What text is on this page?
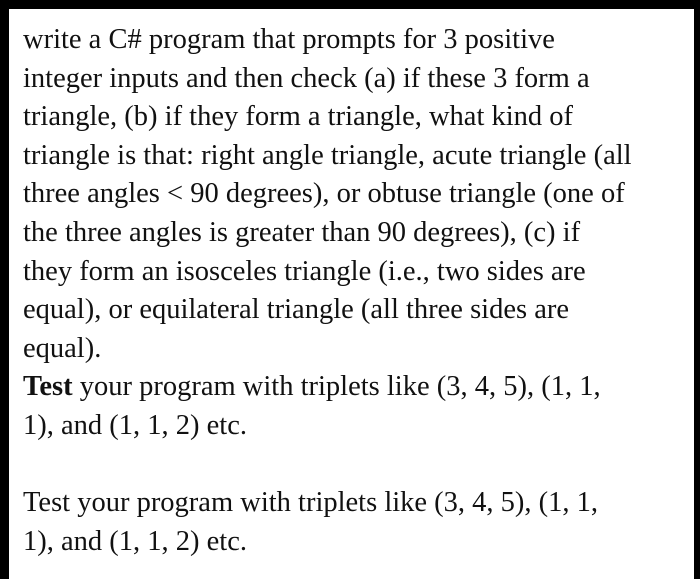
write a C# program that prompts for 3 positive
integer inputs and then check (a) if these 3 form a
triangle, (b) if they form a triangle, what kind of
triangle is that: right angle triangle, acute triangle (all
three angles < 90 degrees), or obtuse triangle (one of
the three angles is greater than 90 degrees), (c) if
they form an isosceles triangle (i.e., two sides are
equal), or equilateral triangle (all three sides are
equal).
Test your program with triplets like (3, 4, 5), (1, 1,
1), and (1, 1, 2) etc.
Test your program with triplets like (3, 4, 5), (1, 1,
1), and (1, 1, 2) etc.
